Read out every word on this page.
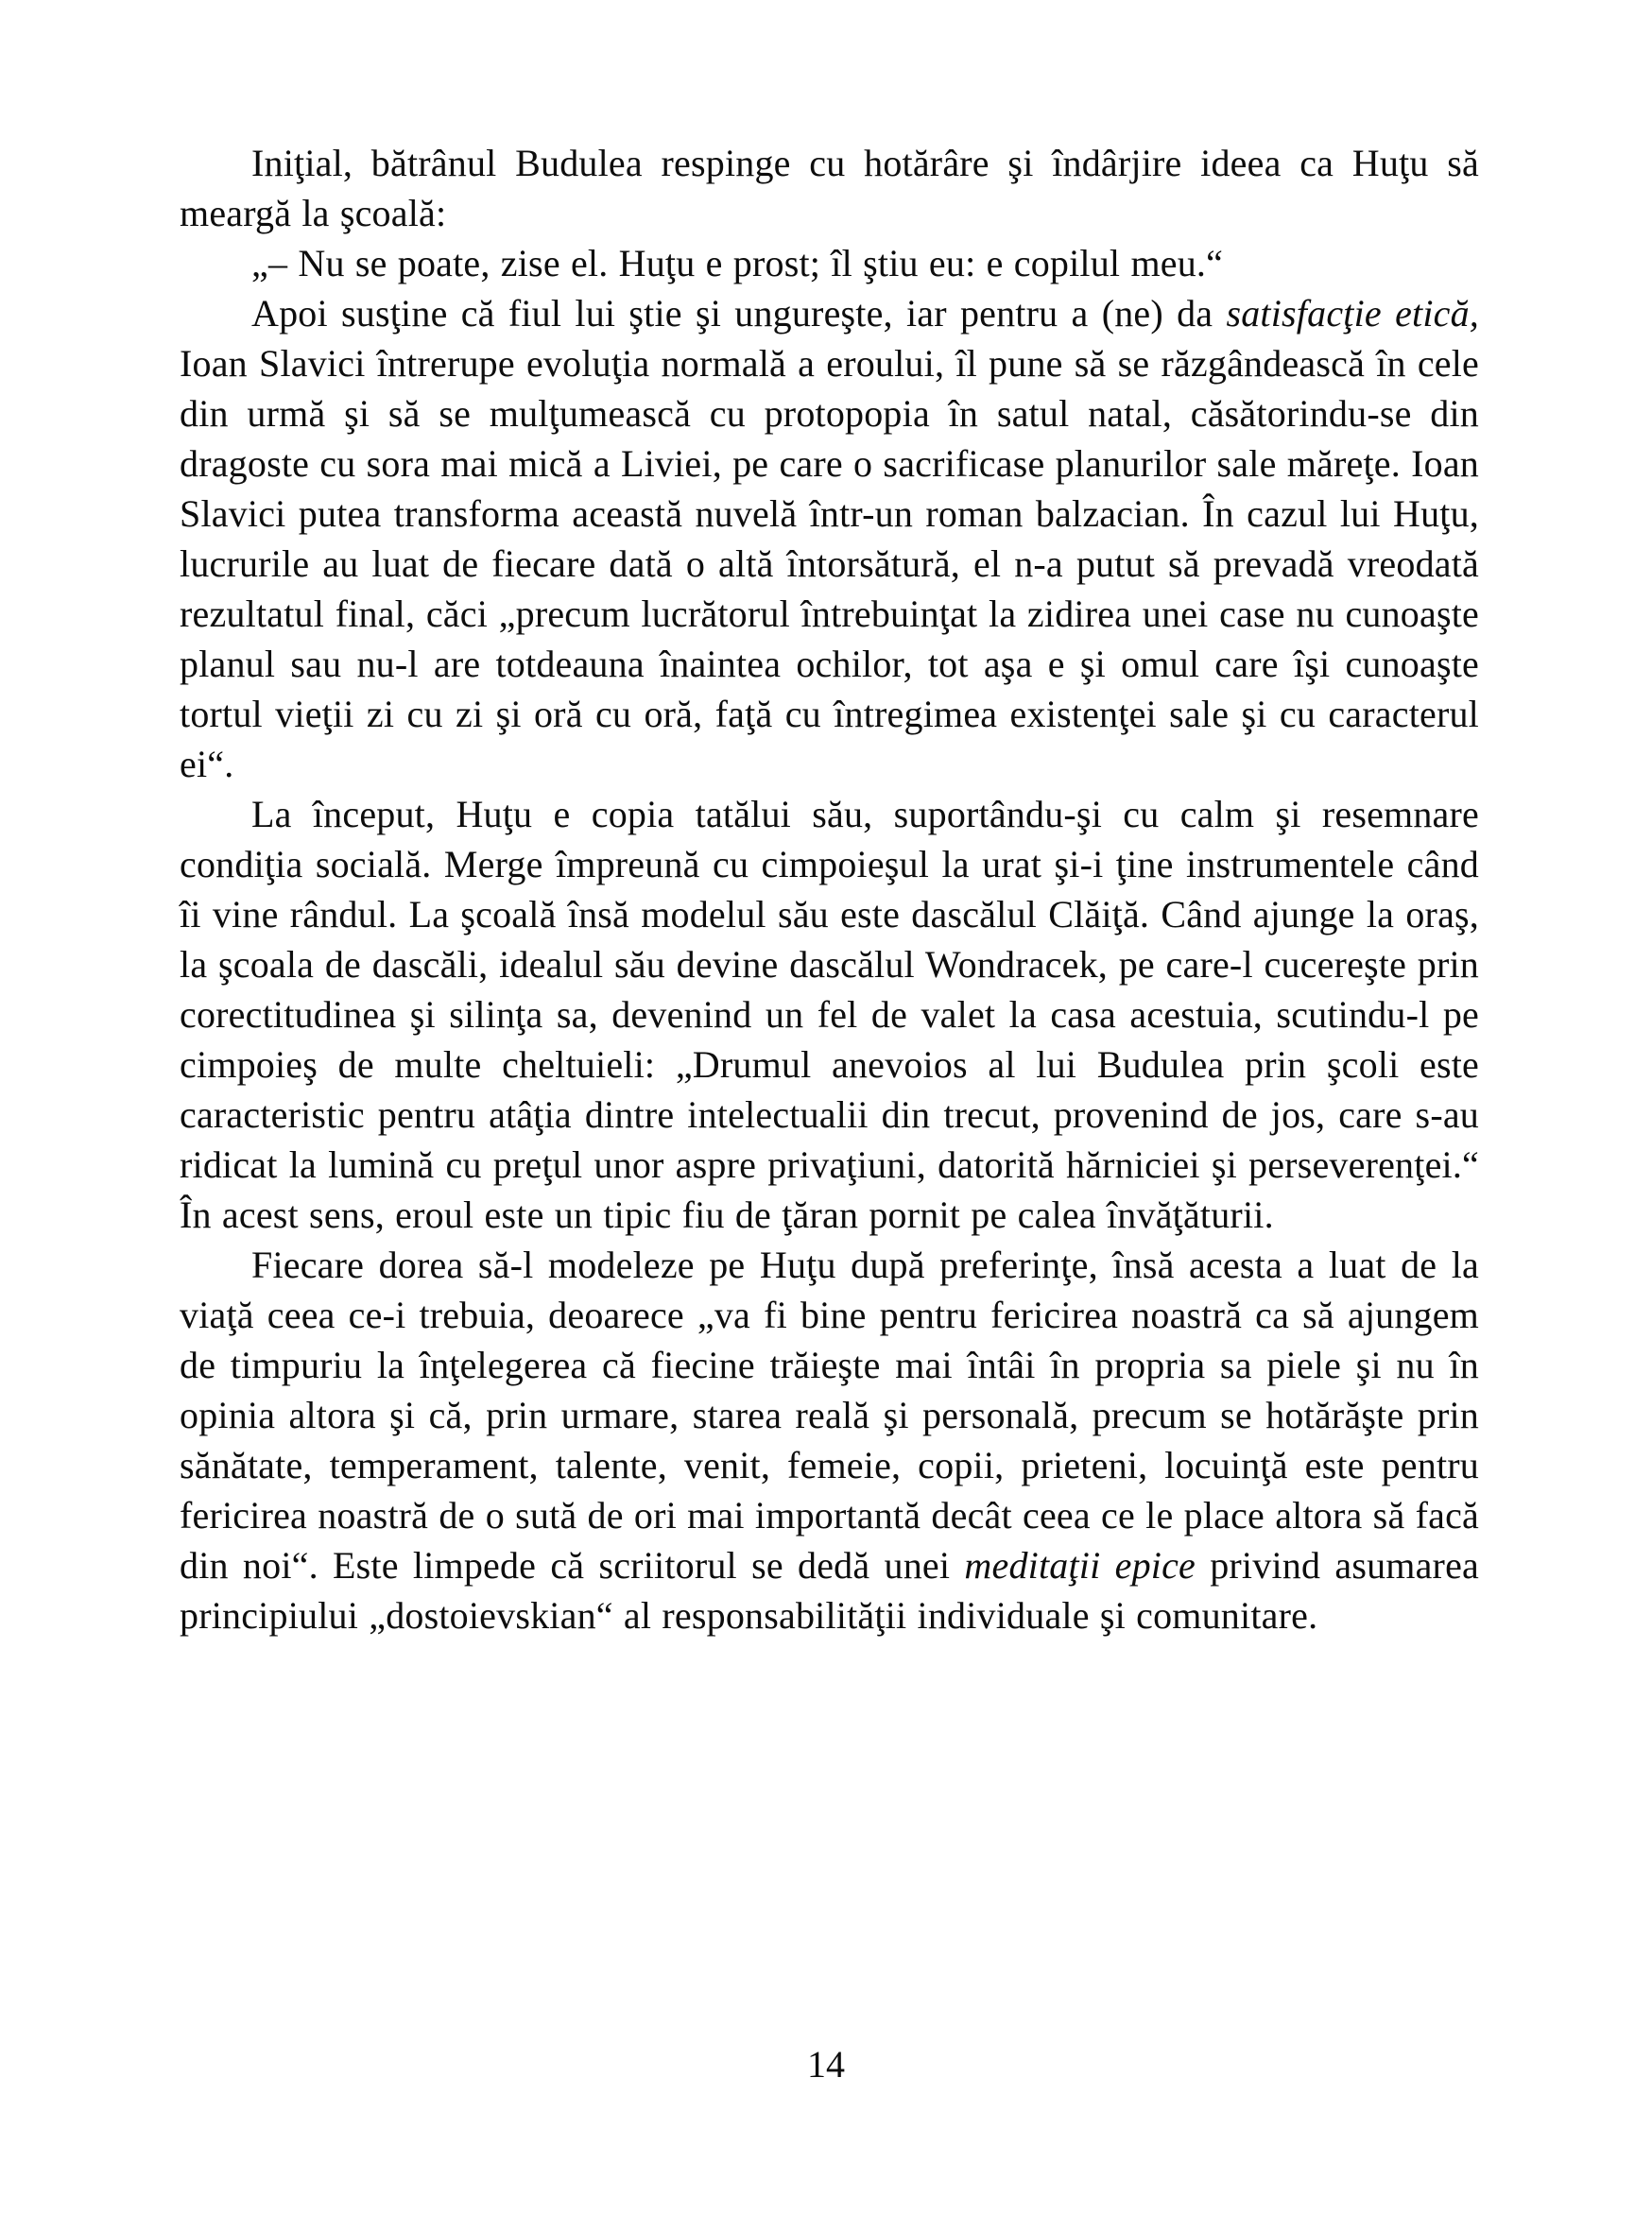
Iniţial, bătrânul Budulea respinge cu hotărâre şi îndârjire ideea ca Huţu să meargă la şcoală:

„– Nu se poate, zise el. Huţu e prost; îl ştiu eu: e copilul meu.“

Apoi susţine că fiul lui ştie şi ungureşte, iar pentru a (ne) da satisfacţie etică, Ioan Slavici întrerupe evoluţia normală a eroului, îl pune să se răzgândească în cele din urmă şi să se mulţumească cu protopopia în satul natal, căsătorindu-se din dragoste cu sora mai mică a Liviei, pe care o sacrificase planurilor sale măreţe. Ioan Slavici putea transforma această nuvelă într-un roman balzacian. În cazul lui Huţu, lucrurile au luat de fiecare dată o altă întorsătură, el n-a putut să prevadă vreodată rezultatul final, căci „precum lucrătorul întrebuinţat la zidirea unei case nu cunoaşte planul sau nu-l are totdeauna înaintea ochilor, tot aşa e şi omul care îşi cunoaşte tortul vieţii zi cu zi şi oră cu oră, faţă cu întregimea existenţei sale şi cu caracterul ei“.

La început, Huţu e copia tatălui său, suportându-şi cu calm şi resemnare condiţia socială. Merge împreună cu cimpoieşul la urat şi-i ţine instrumentele când îi vine rândul. La şcoală însă modelul său este dascălul Clăiţă. Când ajunge la oraş, la şcoala de dascăli, idealul său devine dascălul Wondracek, pe care-l cucereşte prin corectitudinea şi silinţa sa, devenind un fel de valet la casa acestuia, scutindu-l pe cimpoieş de multe cheltuieli: „Drumul anevoios al lui Budulea prin şcoli este caracteristic pentru atâţia dintre intelectualii din trecut, provenind de jos, care s-au ridicat la lumină cu preţul unor aspre privaţiuni, datorită hărniciei şi perseverenţei.“ În acest sens, eroul este un tipic fiu de ţăran pornit pe calea învăţăturii.

Fiecare dorea să-l modeleze pe Huţu după preferinţe, însă acesta a luat de la viaţă ceea ce-i trebuia, deoarece „va fi bine pentru fericirea noastră ca să ajungem de timpuriu la înţelegerea că fiecine trăieşte mai întâi în propria sa piele şi nu în opinia altora şi că, prin urmare, starea reală şi personală, precum se hotărăşte prin sănătate, temperament, talente, venit, femeie, copii, prieteni, locuinţă este pentru fericirea noastră de o sută de ori mai importantă decât ceea ce le place altora să facă din noi“. Este limpede că scriitorul se dedă unei meditaţii epice privind asumarea principiului „dostoievskian“ al responsabilităţii individuale şi comunitare.

14
